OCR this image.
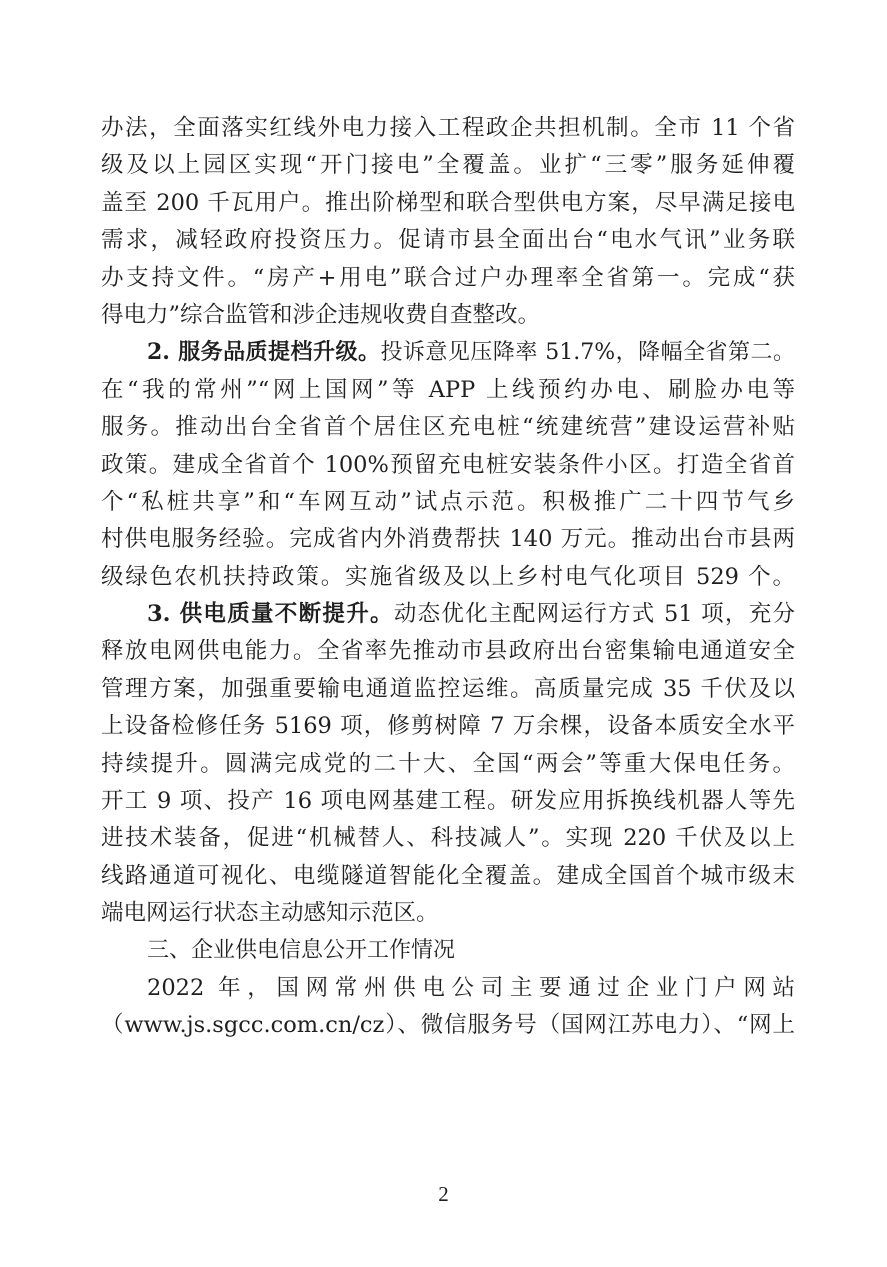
办法，全面落实红线外电力接入工程政企共担机制。全市 11 个省
级及以上园区实现“开门接电”全覆盖。业扩“三零”服务延伸覆
盖至 200 千瓦用户。推出阶梯型和联合型供电方案，尽早满足接电
需求，减轻政府投资压力。促请市县全面出台“电水气讯”业务联
办支持文件。“房产+用电”联合过户办理率全省第一。完成“获
得电力”综合监管和涉企违规收费自查整改。
2. 服务品质提档升级。投诉意见压降率 51.7%，降幅全省第二。
在“我的常州”“网上国网”等 APP 上线预约办电、刷脸办电等
服务。推动出台全省首个居住区充电桩“统建统营”建设运营补贴
政策。建成全省首个 100%预留充电桩安装条件小区。打造全省首
个“私桩共享”和“车网互动”试点示范。积极推广二十四节气乡
村供电服务经验。完成省内外消费帮扶 140 万元。推动出台市县两
级绿色农机扶持政策。实施省级及以上乡村电气化项目 529 个。
3. 供电质量不断提升。动态优化主配网运行方式 51 项，充分
释放电网供电能力。全省率先推动市县政府出台密集输电通道安全
管理方案，加强重要输电通道监控运维。高质量完成 35 千伏及以
上设备检修任务 5169 项，修剪树障 7 万余棵，设备本质安全水平
持续提升。圆满完成党的二十大、全国“两会”等重大保电任务。
开工 9 项、投产 16 项电网基建工程。研发应用拆换线机器人等先
进技术装备，促进“机械替人、科技减人”。实现 220 千伏及以上
线路通道可视化、电缆隧道智能化全覆盖。建成全国首个城市级末
端电网运行状态主动感知示范区。
三、企业供电信息公开工作情况
2022 年，国网常州供电公司主要通过企业门户网站
（www.js.sgcc.com.cn/cz）、微信服务号（国网江苏电力）、“网上
2
